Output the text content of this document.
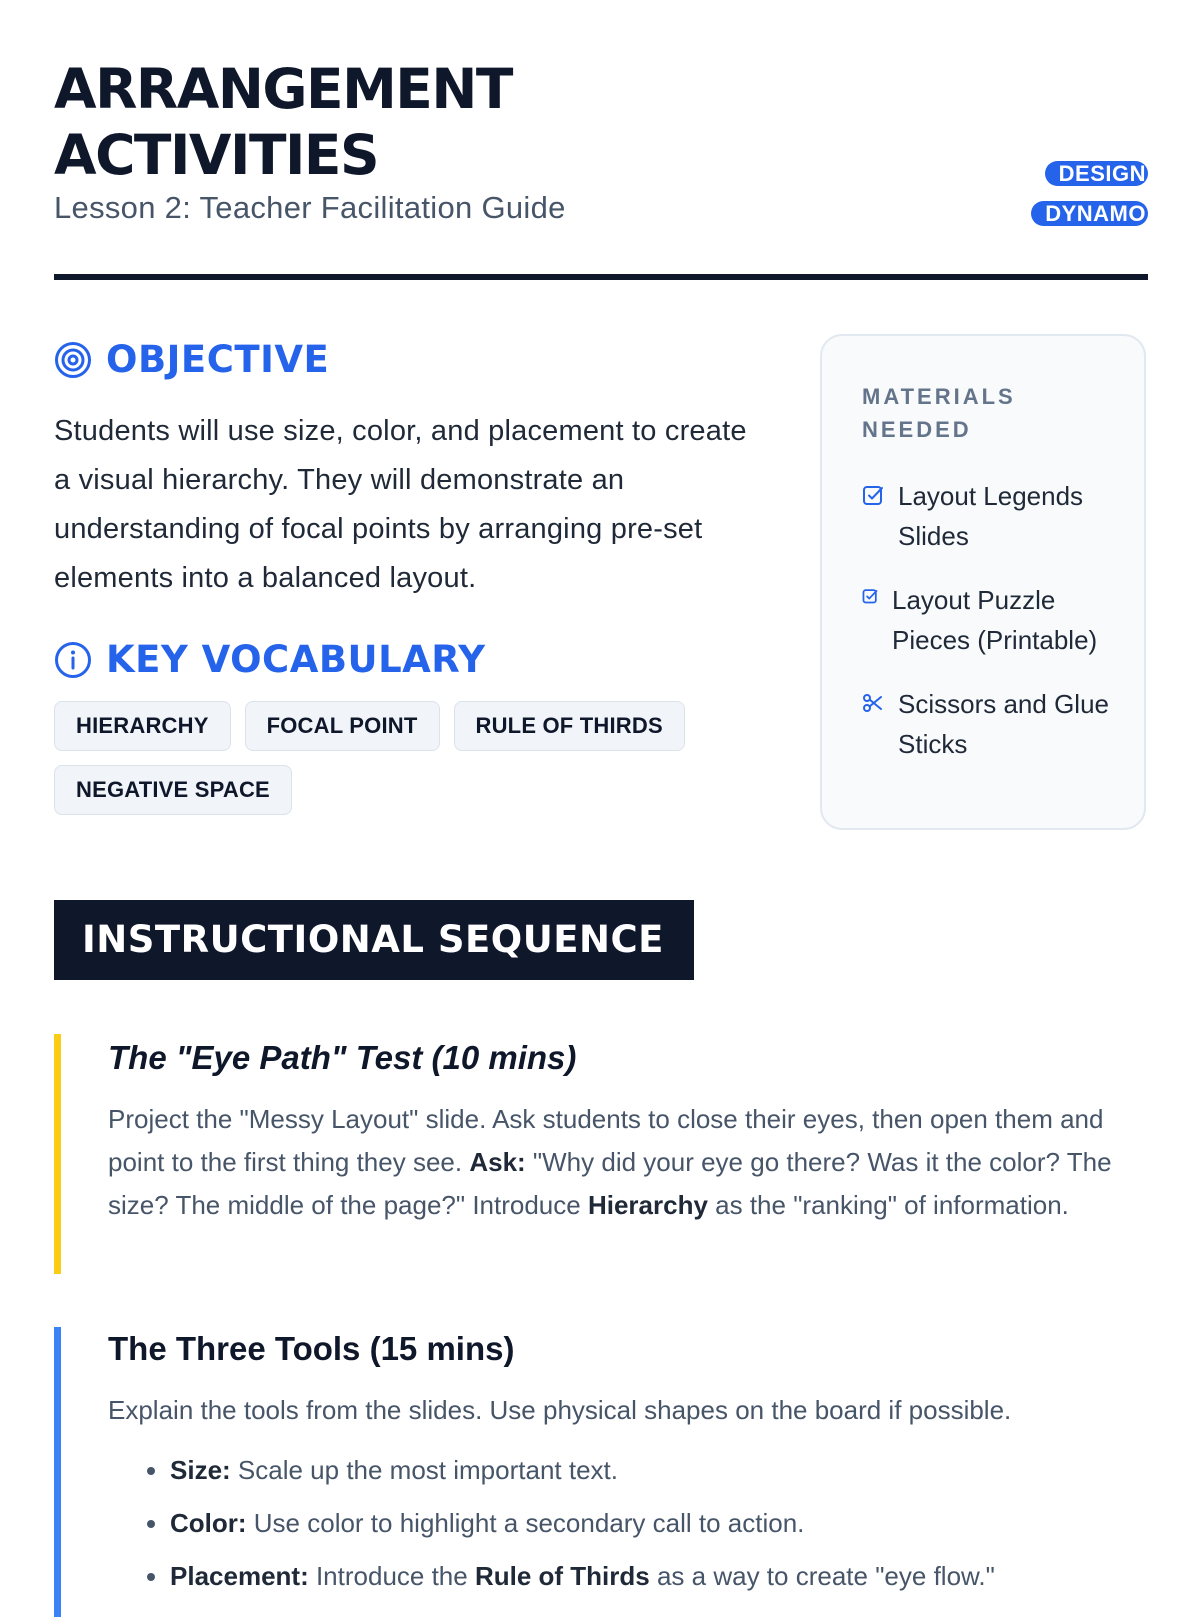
ARRANGEMENT ACTIVITIES
Lesson 2: Teacher Facilitation Guide
DESIGN DYNAMO
OBJECTIVE

Students will use size, color, and placement to create a visual hierarchy. They will demonstrate an understanding of focal points by arranging pre-set elements into a balanced layout.

KEY VOCABULARY
HIERARCHY	FOCAL POINT	RULE OF THIRDS
NEGATIVE SPACE
MATERIALS NEEDED
Layout Legends Slides
Layout Puzzle Pieces (Printable)
Scissors and Glue Sticks
INSTRUCTIONAL SEQUENCE
The "Eye Path" Test (10 mins)

Project the "Messy Layout" slide. Ask students to close their eyes, then open them and point to the first thing they see. Ask: "Why did your eye go there? Was it the color? The size? The middle of the page?" Introduce Hierarchy as the "ranking" of information.

The Three Tools (15 mins)

Explain the tools from the slides. Use physical shapes on the board if possible.

• Size: Scale up the most important text.
• Color: Use color to highlight a secondary call to action.
• Placement: Introduce the Rule of Thirds as a way to create "eye flow."
